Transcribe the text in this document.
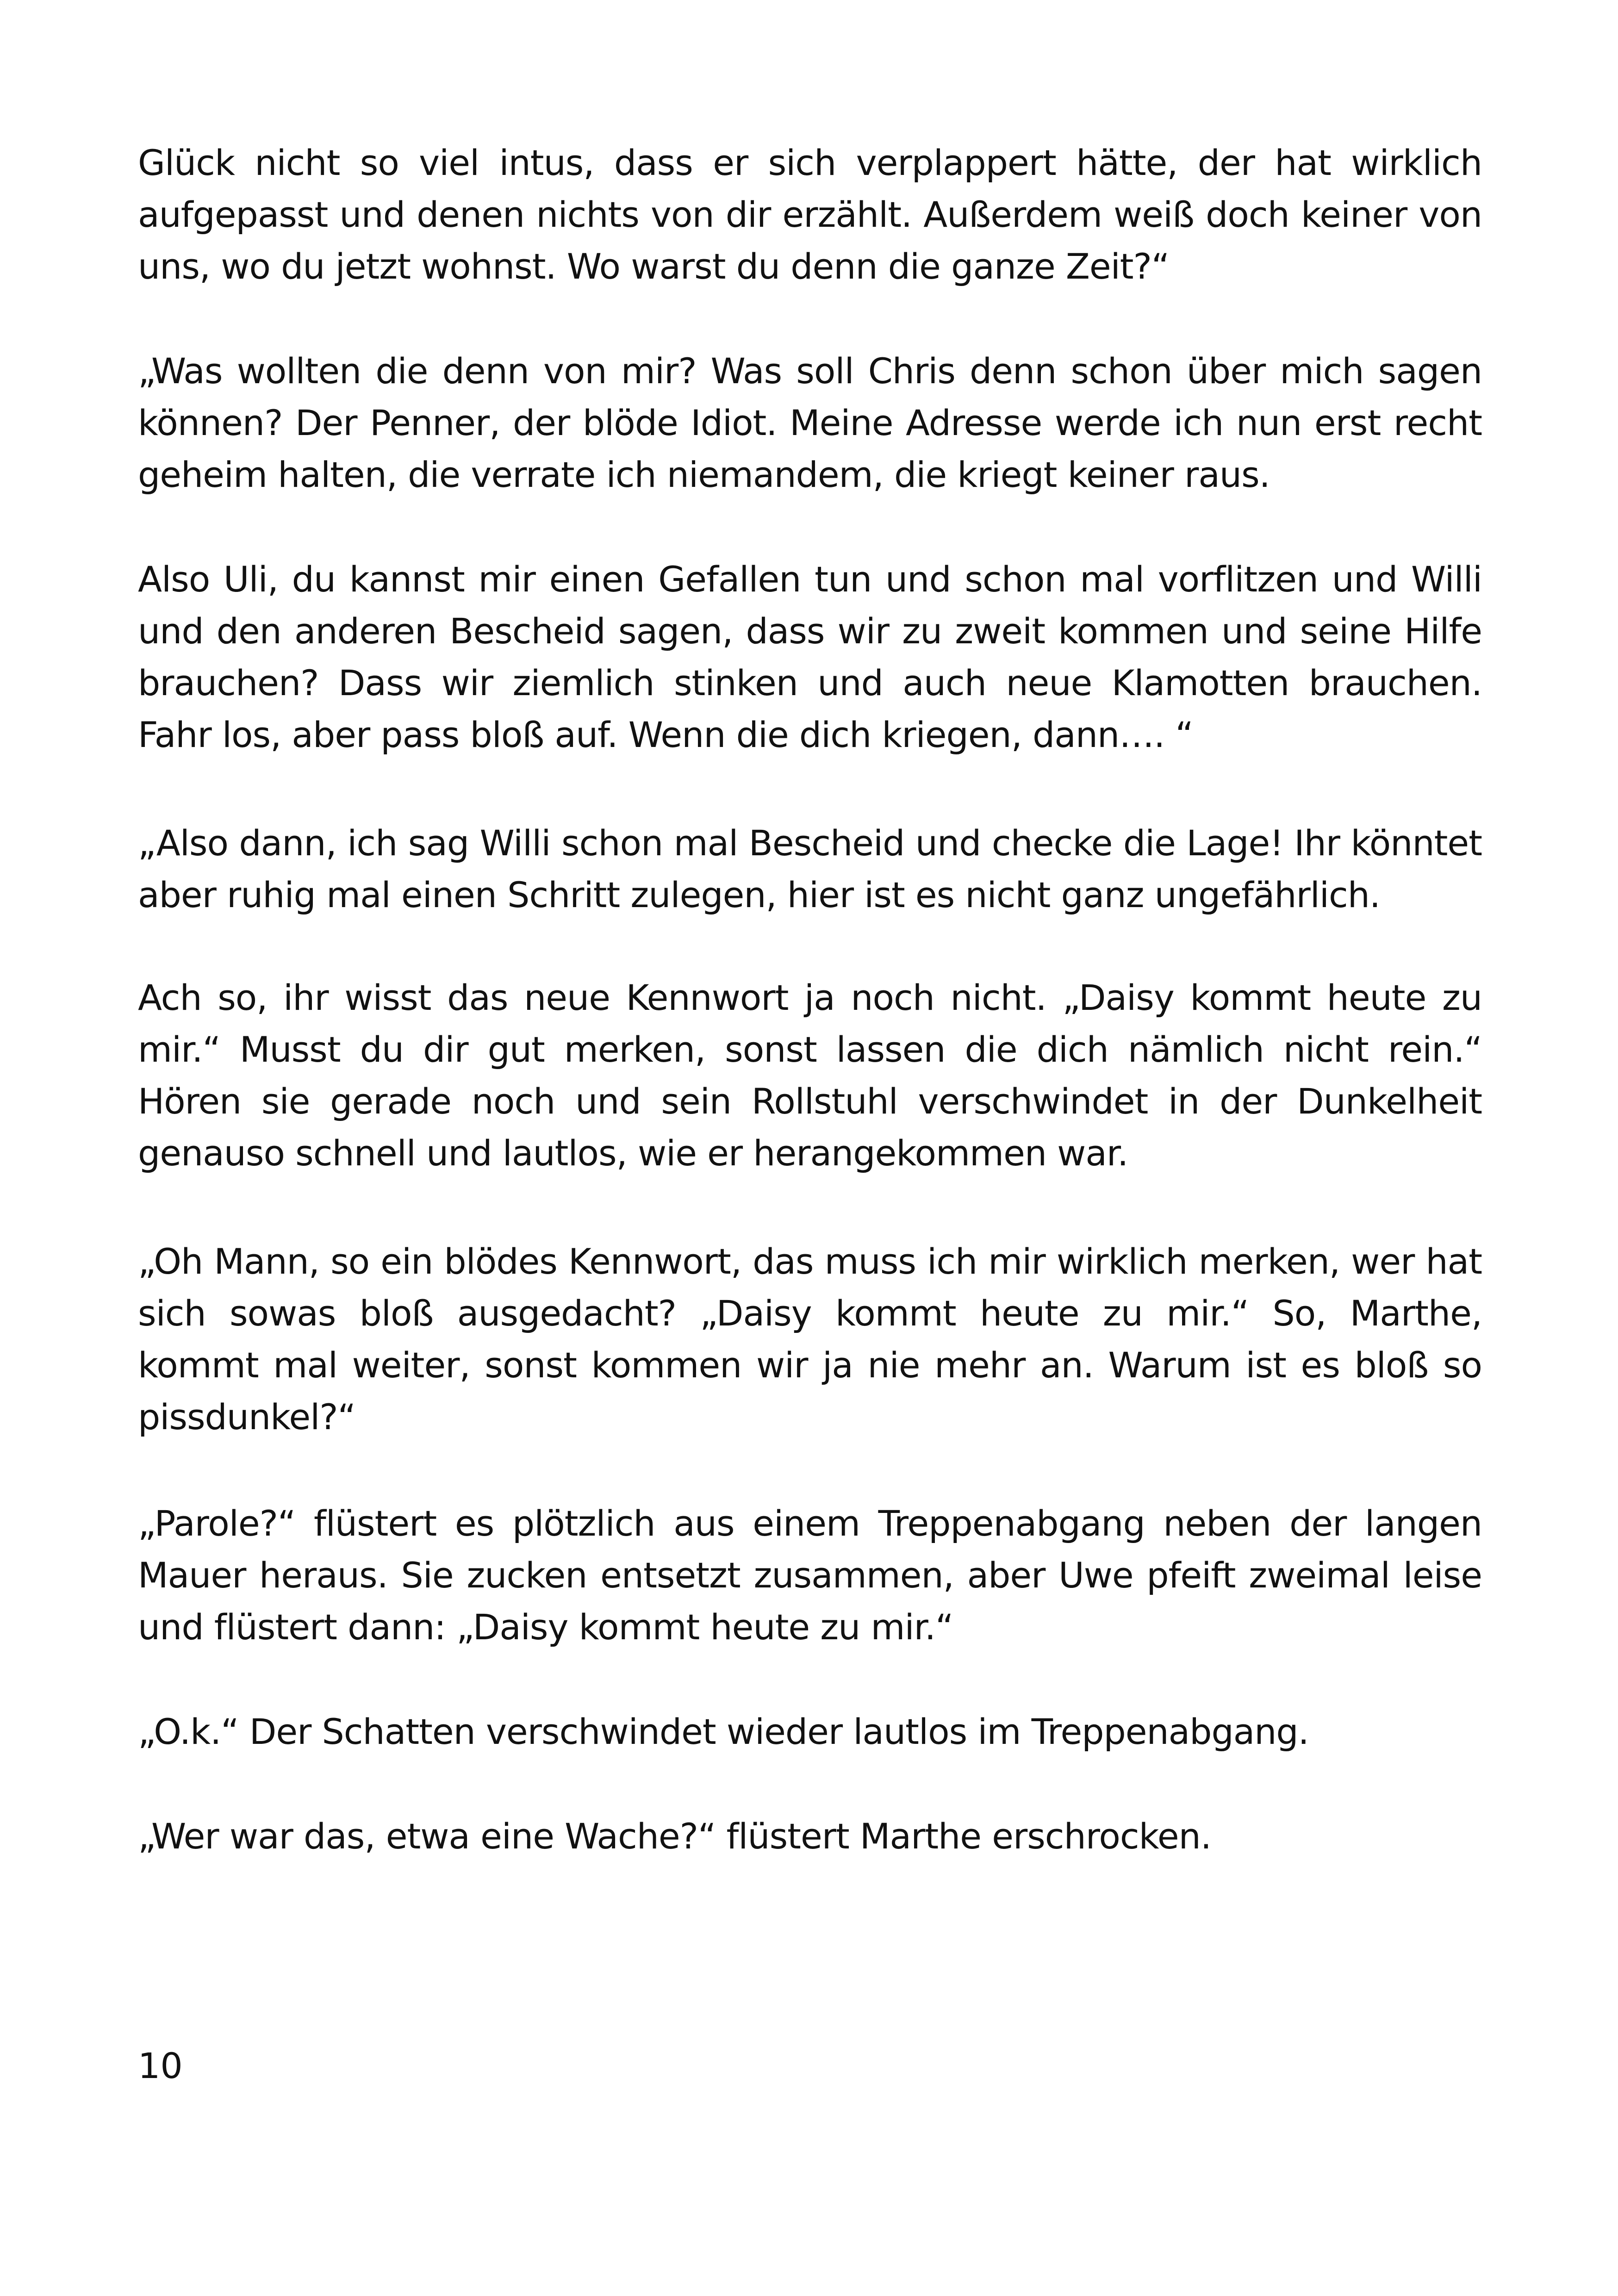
Glück nicht so viel intus, dass er sich verplappert hätte, der hat wirklich aufgepasst und denen nichts von dir erzählt. Außerdem weiß doch keiner von uns, wo du jetzt wohnst. Wo warst du denn die ganze Zeit?“

„Was wollten die denn von mir? Was soll Chris denn schon über mich sagen können? Der Penner, der blöde Idiot. Meine Adresse werde ich nun erst recht geheim halten, die verrate ich niemandem, die kriegt keiner raus.

Also Uli, du kannst mir einen Gefallen tun und schon mal vorflitzen und Willi und den anderen Bescheid sagen, dass wir zu zweit kommen und seine Hilfe brauchen? Dass wir ziemlich stinken und auch neue Klamotten brauchen. Fahr los, aber pass bloß auf. Wenn die dich kriegen, dann…. “

„Also dann, ich sag Willi schon mal Bescheid und checke die Lage! Ihr könntet aber ruhig mal einen Schritt zulegen, hier ist es nicht ganz ungefährlich.

Ach so, ihr wisst das neue Kennwort ja noch nicht. „Daisy kommt heute zu mir.“ Musst du dir gut merken, sonst lassen die dich nämlich nicht rein.“ Hören sie gerade noch und sein Rollstuhl verschwindet in der Dunkelheit genauso schnell und lautlos, wie er herangekommen war.

„Oh Mann, so ein blödes Kennwort, das muss ich mir wirklich merken, wer hat sich sowas bloß ausgedacht? „Daisy kommt heute zu mir.“ So, Marthe, kommt mal weiter, sonst kommen wir ja nie mehr an. Warum ist es bloß so pissdunkel?“

„Parole?“ flüstert es plötzlich aus einem Treppenabgang neben der langen Mauer heraus. Sie zucken entsetzt zusammen, aber Uwe pfeift zweimal leise und flüstert dann: „Daisy kommt heute zu mir.“

„O.k.“ Der Schatten verschwindet wieder lautlos im Treppenabgang.

„Wer war das, etwa eine Wache?“ flüstert Marthe erschrocken.

10
